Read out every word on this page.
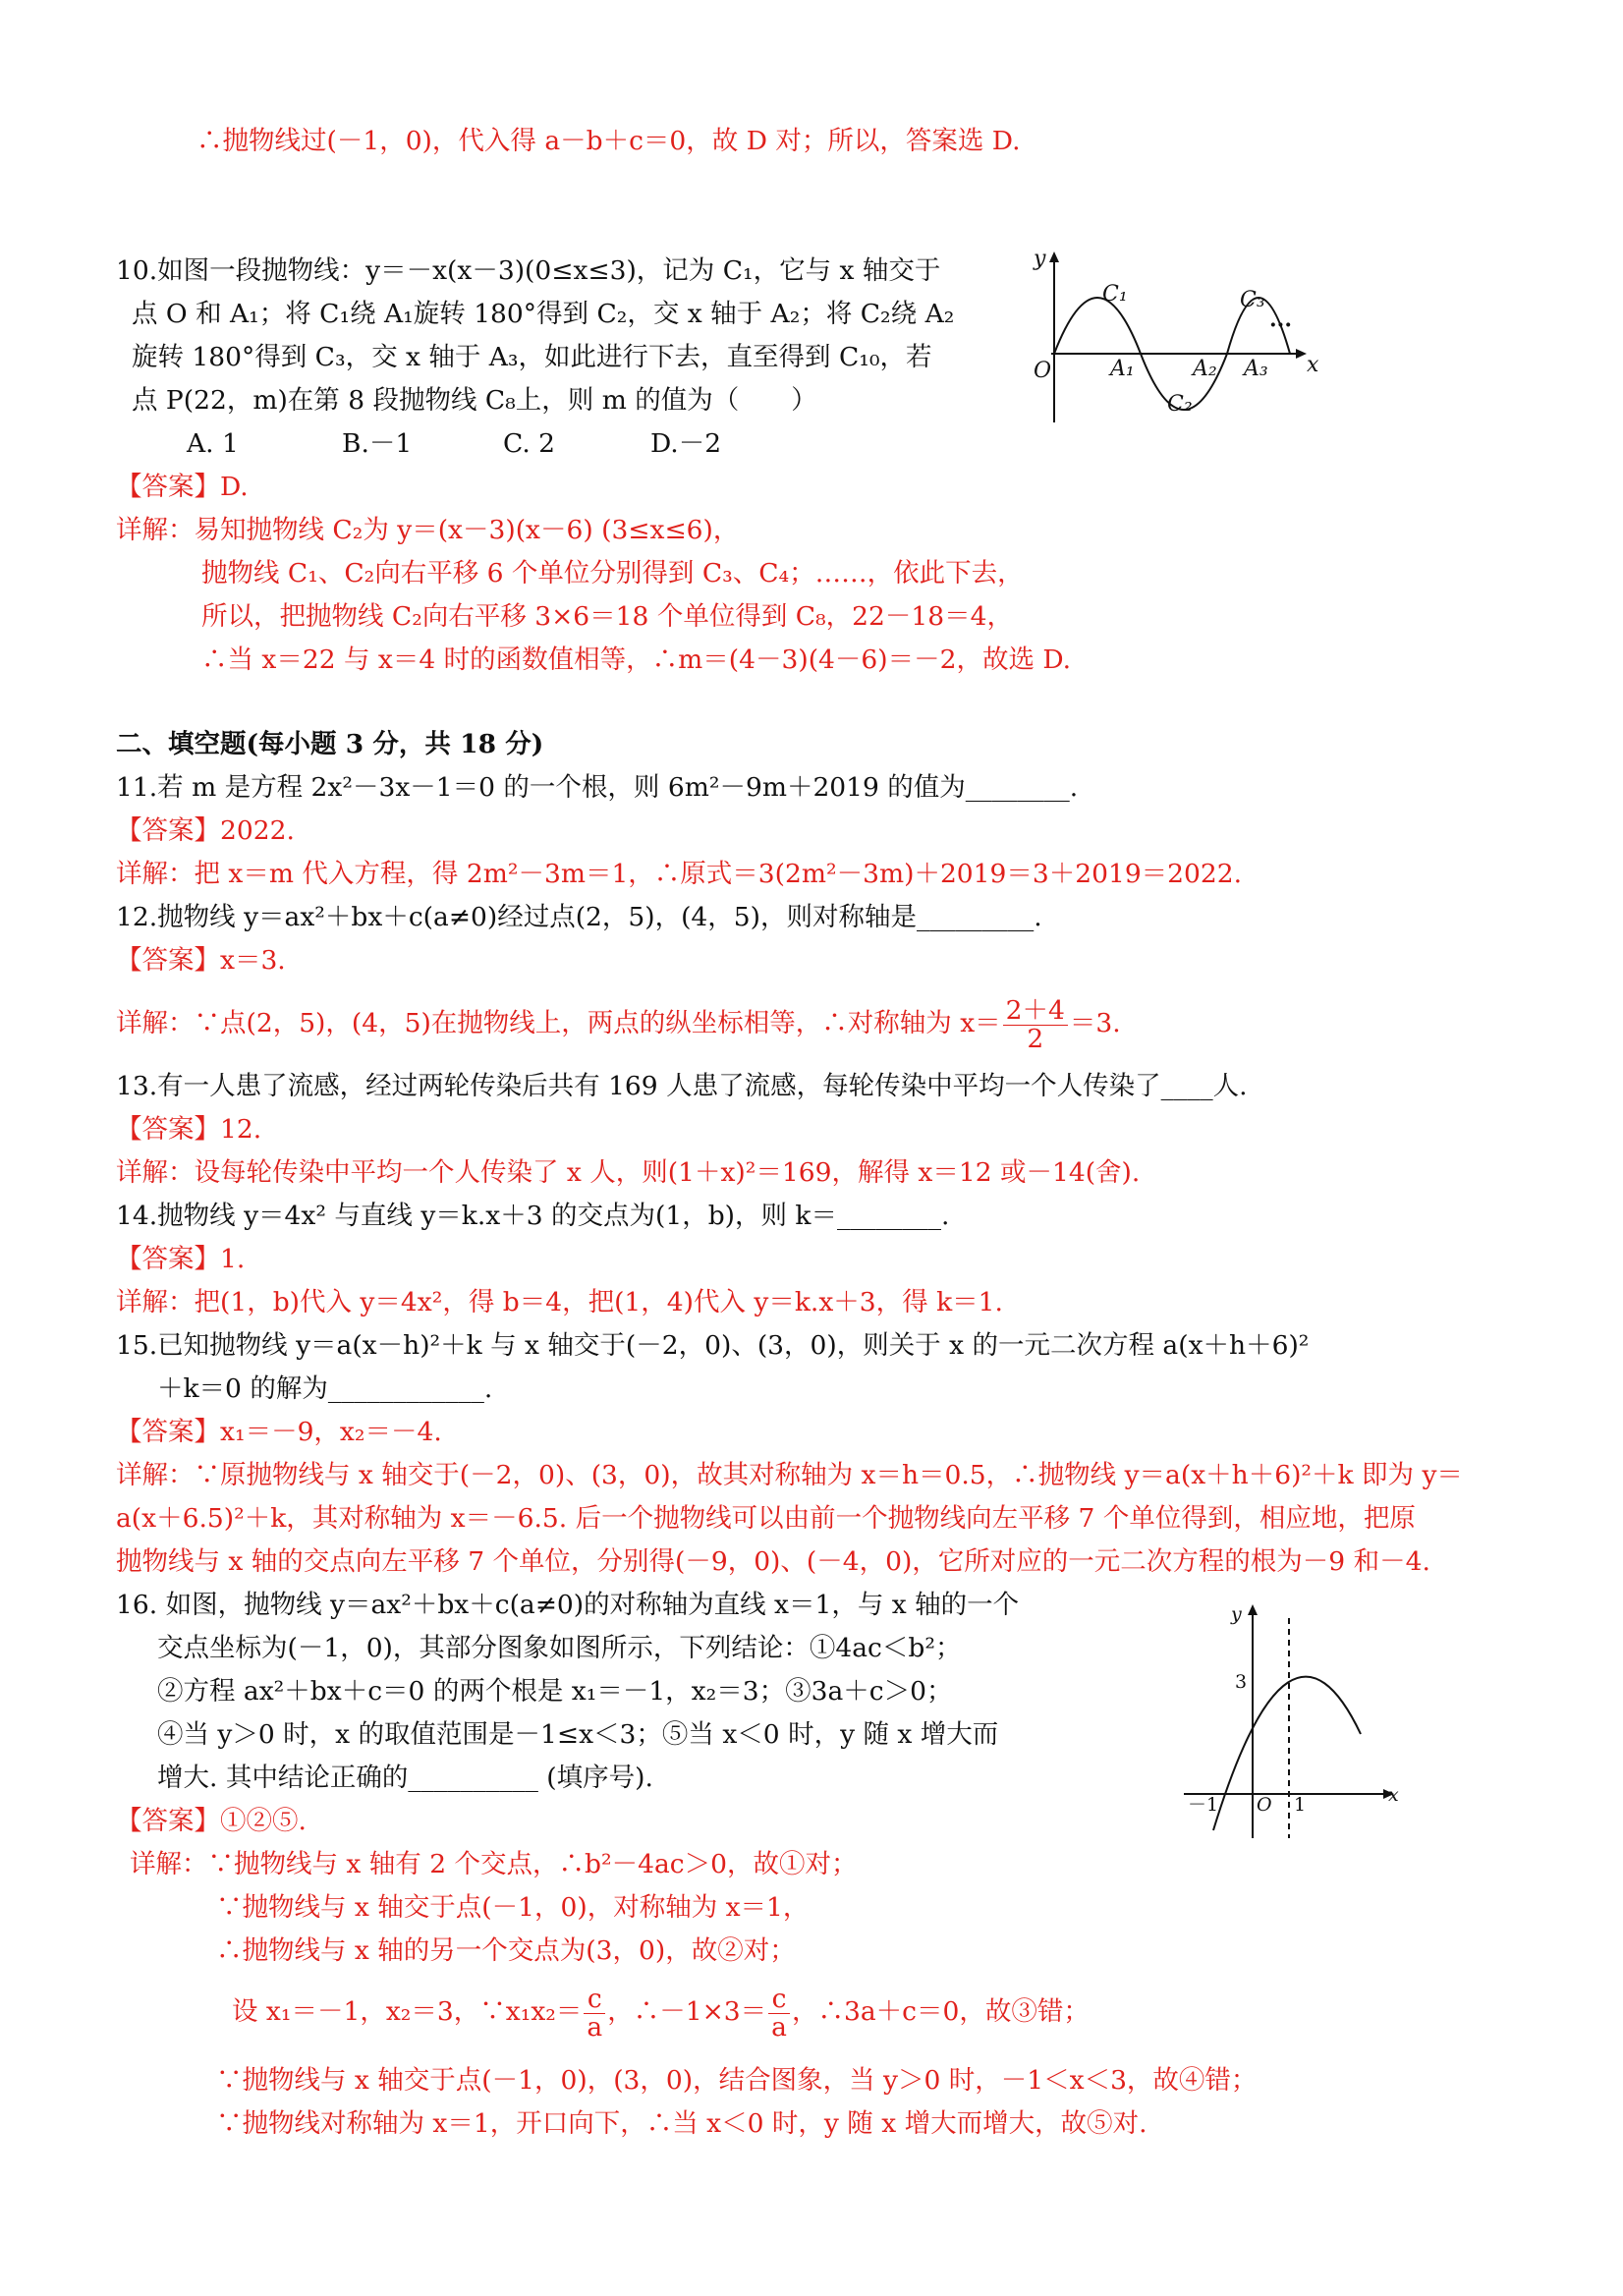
∴抛物线过(－1，0)，代入得 a－b＋c＝0，故 D 对；所以，答案选 D.
10.如图一段抛物线：y＝－x(x－3)(0≤x≤3)，记为 C₁，它与 x 轴交于
点 O 和 A₁；将 C₁绕 A₁旋转 180°得到 C₂，交 x 轴于 A₂；将 C₂绕 A₂
旋转 180°得到 C₃，交 x 轴于 A₃，如此进行下去，直至得到 C₁₀，若
点 P(22，m)在第 8 段抛物线 C₈上，则 m 的值为（　　）
A. 1	B.－1	C. 2	D.－2
【答案】D.
详解：易知抛物线 C₂为 y＝(x－3)(x－6) (3≤x≤6)，
抛物线 C₁、C₂向右平移 6 个单位分别得到 C₃、C₄；……，依此下去，
所以，把抛物线 C₂向右平移 3×6＝18 个单位得到 C₈，22－18＝4，
∴当 x＝22 与 x＝4 时的函数值相等，∴m＝(4－3)(4－6)＝－2，故选 D.
y
x
O
C₁
C₂
C₃
A₁	A₂ A₃
···
二、填空题(每小题 3 分，共 18 分)
11.若 m 是方程 2x²－3x－1＝0 的一个根，则 6m²－9m＋2019 的值为________.
【答案】2022.
详解：把 x＝m 代入方程，得 2m²－3m＝1，∴原式＝3(2m²－3m)＋2019＝3＋2019＝2022.
12.抛物线 y＝ax²＋bx＋c(a≠0)经过点(2，5)，(4，5)，则对称轴是_________.
【答案】x＝3.
详解：∵点(2，5)，(4，5)在抛物线上，两点的纵坐标相等，∴对称轴为 $x= \frac{2+4}{2} =3$.
13.有一人患了流感，经过两轮传染后共有 169 人患了流感，每轮传染中平均一个人传染了____人.
【答案】12.
详解：设每轮传染中平均一个人传染了 x 人，则(1＋x)²＝169，解得 x＝12 或－14(舍).
14.抛物线 y＝4x² 与直线 y＝k.x＋3 的交点为(1，b)，则 k＝________.
【答案】1.
详解：把(1，b)代入 y＝4x²，得 b＝4，把(1，4)代入 y＝k.x＋3，得 k＝1.
15.已知抛物线 y＝a(x－h)²＋k 与 x 轴交于(－2，0)、(3，0)，则关于 x 的一元二次方程 a(x＋h＋6)²
＋k＝0 的解为____________.
【答案】x₁＝－9，x₂＝－4.
详解：∵原抛物线与 x 轴交于(－2，0)、(3，0)，故其对称轴为 x＝h＝0.5，∴抛物线 y＝a(x＋h＋6)²＋k 即为 y＝
a(x＋6.5)²＋k，其对称轴为 x＝－6.5. 后一个抛物线可以由前一个抛物线向左平移 7 个单位得到，相应地，把原
抛物线与 x 轴的交点向左平移 7 个单位，分别得(－9，0)、(－4，0)，它所对应的一元二次方程的根为－9 和－4.
16. 如图，抛物线 y＝ax²＋bx＋c(a≠0)的对称轴为直线 x＝1，与 x 轴的一个
交点坐标为(－1，0)，其部分图象如图所示，下列结论：①4ac＜b²；
②方程 ax²＋bx＋c＝0 的两个根是 x₁＝－1，x₂＝3；③3a＋c＞0；
④当 y＞0 时，x 的取值范围是－1≤x＜3；⑤当 x＜0 时，y 随 x 增大而
增大. 其中结论正确的__________ (填序号).
【答案】①②⑤.
详解：∵抛物线与 x 轴有 2 个交点，∴b²－4ac＞0，故①对；
∵抛物线与 x 轴交于点(－1，0)，对称轴为 x＝1，
∴抛物线与 x 轴的另一个交点为(3，0)，故②对；
设 x₁＝－1，x₂＝3，∵x₁x₂＝ $\frac{c}{a}$ ，∴－1×3＝ $\frac{c}{a}$ ，∴3a＋c＝0，故③错；
∵抛物线与 x 轴交于点(－1，0)，(3，0)，结合图象，当 y＞0 时，－1＜x＜3，故④错；
∵抛物线对称轴为 x＝1，开口向下，∴当 x＜0 时，y 随 x 增大而增大，故⑤对.
y
x
3
O
－1	1
